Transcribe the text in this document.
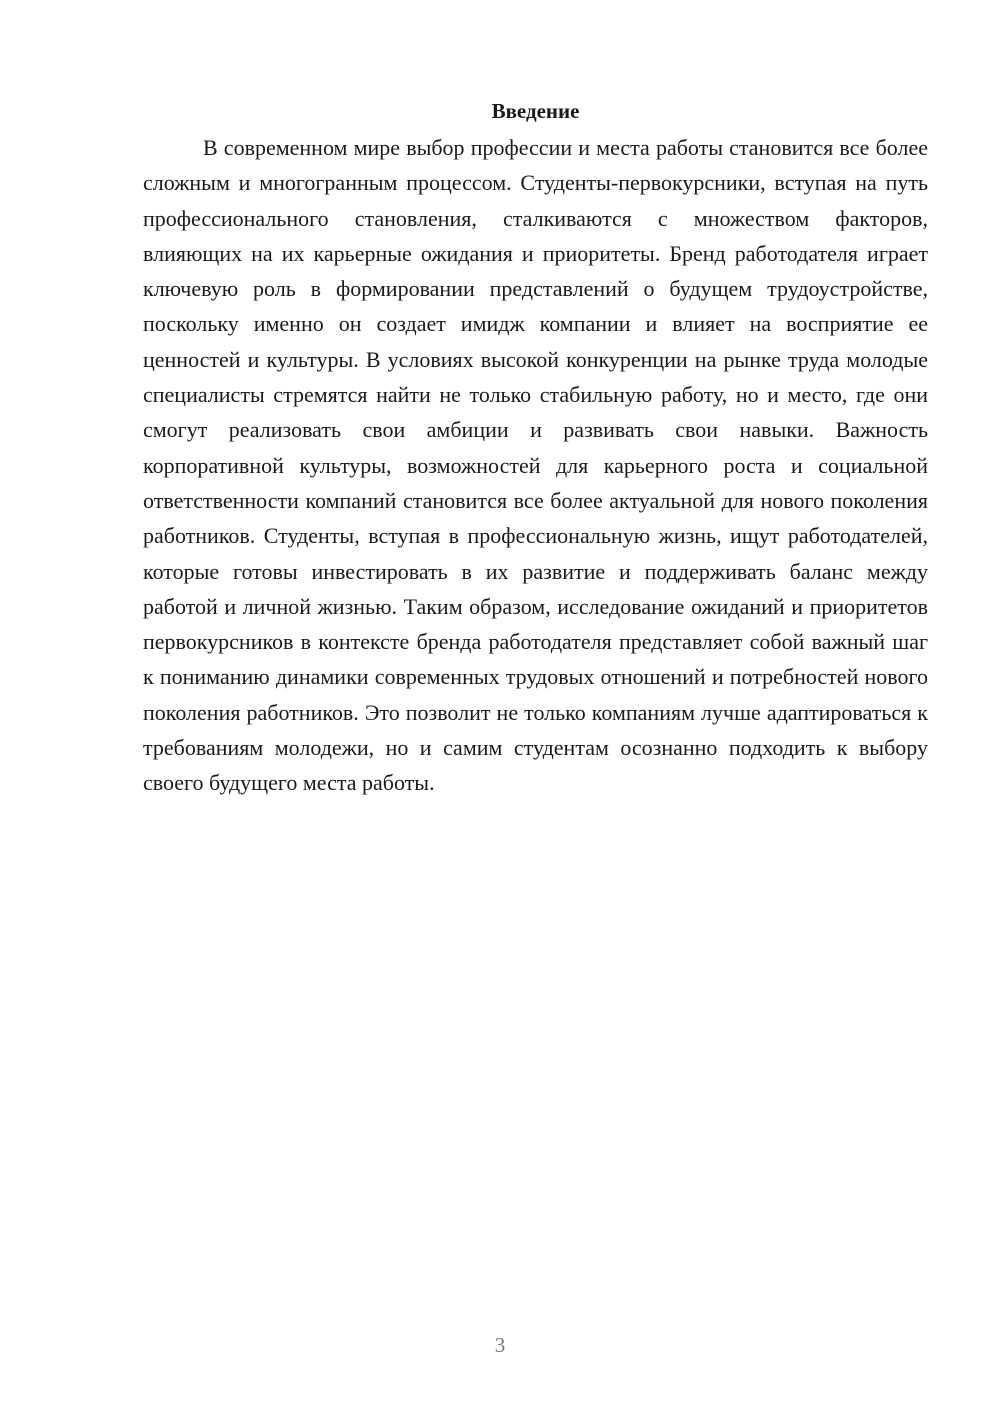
Введение

В современном мире выбор профессии и места работы становится все более сложным и многогранным процессом. Студенты-первокурсники, вступая на путь профессионального становления, сталкиваются с множеством факторов, влияющих на их карьерные ожидания и приоритеты. Бренд работодателя играет ключевую роль в формировании представлений о будущем трудоустройстве, поскольку именно он создает имидж компании и влияет на восприятие ее ценностей и культуры. В условиях высокой конкуренции на рынке труда молодые специалисты стремятся найти не только стабильную работу, но и место, где они смогут реализовать свои амбиции и развивать свои навыки. Важность корпоративной культуры, возможностей для карьерного роста и социальной ответственности компаний становится все более актуальной для нового поколения работников. Студенты, вступая в профессиональную жизнь, ищут работодателей, которые готовы инвестировать в их развитие и поддерживать баланс между работой и личной жизнью. Таким образом, исследование ожиданий и приоритетов первокурсников в контексте бренда работодателя представляет собой важный шаг к пониманию динамики современных трудовых отношений и потребностей нового поколения работников. Это позволит не только компаниям лучше адаптироваться к требованиям молодежи, но и самим студентам осознанно подходить к выбору своего будущего места работы.

3
